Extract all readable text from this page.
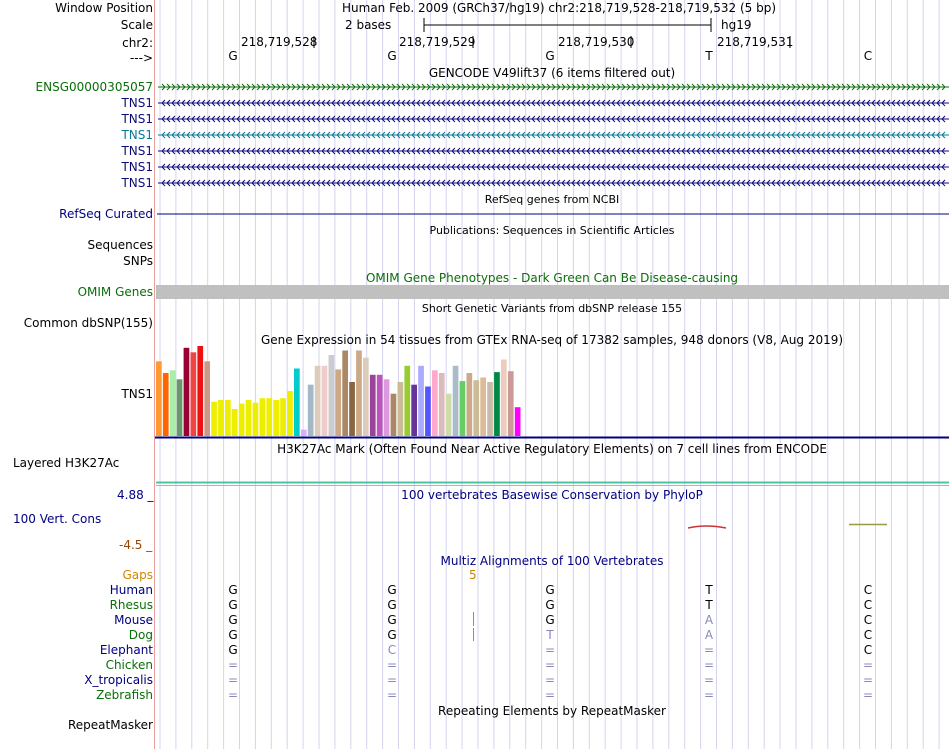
Window Position	Human Feb. 2009 (GRCh37/hg19) chr2:218,719,528-218,719,532 (5 bp)
Scale	2 bases	hg19
chr2:	218,719,528	218,719,529	218,719,530	218,719,531
--->	G	G	G	T	C
GENCODE V49lift37 (6 items filtered out)
ENSG00000305057
TNS1
TNS1
TNS1
TNS1
TNS1
TNS1
RefSeq genes from NCBI
RefSeq Curated
Publications: Sequences in Scientific Articles
Sequences
SNPs
OMIM Gene Phenotypes - Dark Green Can Be Disease-causing
OMIM Genes
Short Genetic Variants from dbSNP release 155
Common dbSNP(155)
Gene Expression in 54 tissues from GTEx RNA-seq of 17382 samples, 948 donors (V8, Aug 2019)
TNS1
H3K27Ac Mark (Often Found Near Active Regulatory Elements) on 7 cell lines from ENCODE
Layered H3K27Ac
4.88 _	100 vertebrates Basewise Conservation by PhyloP
100 Vert. Cons
-4.5 _
Multiz Alignments of 100 Vertebrates
Gaps	5
Human	G	G	G	T	C
Rhesus	G	G	G	T	C
Mouse	G	G	G	A	C
Dog	G	G	T	A	C
Elephant	G	C	=	=	C
Chicken	=	=	=	=	=
X_tropicalis	=	=	=	=	=
Zebrafish	=	=	=	=	=
Repeating Elements by RepeatMasker
RepeatMasker
